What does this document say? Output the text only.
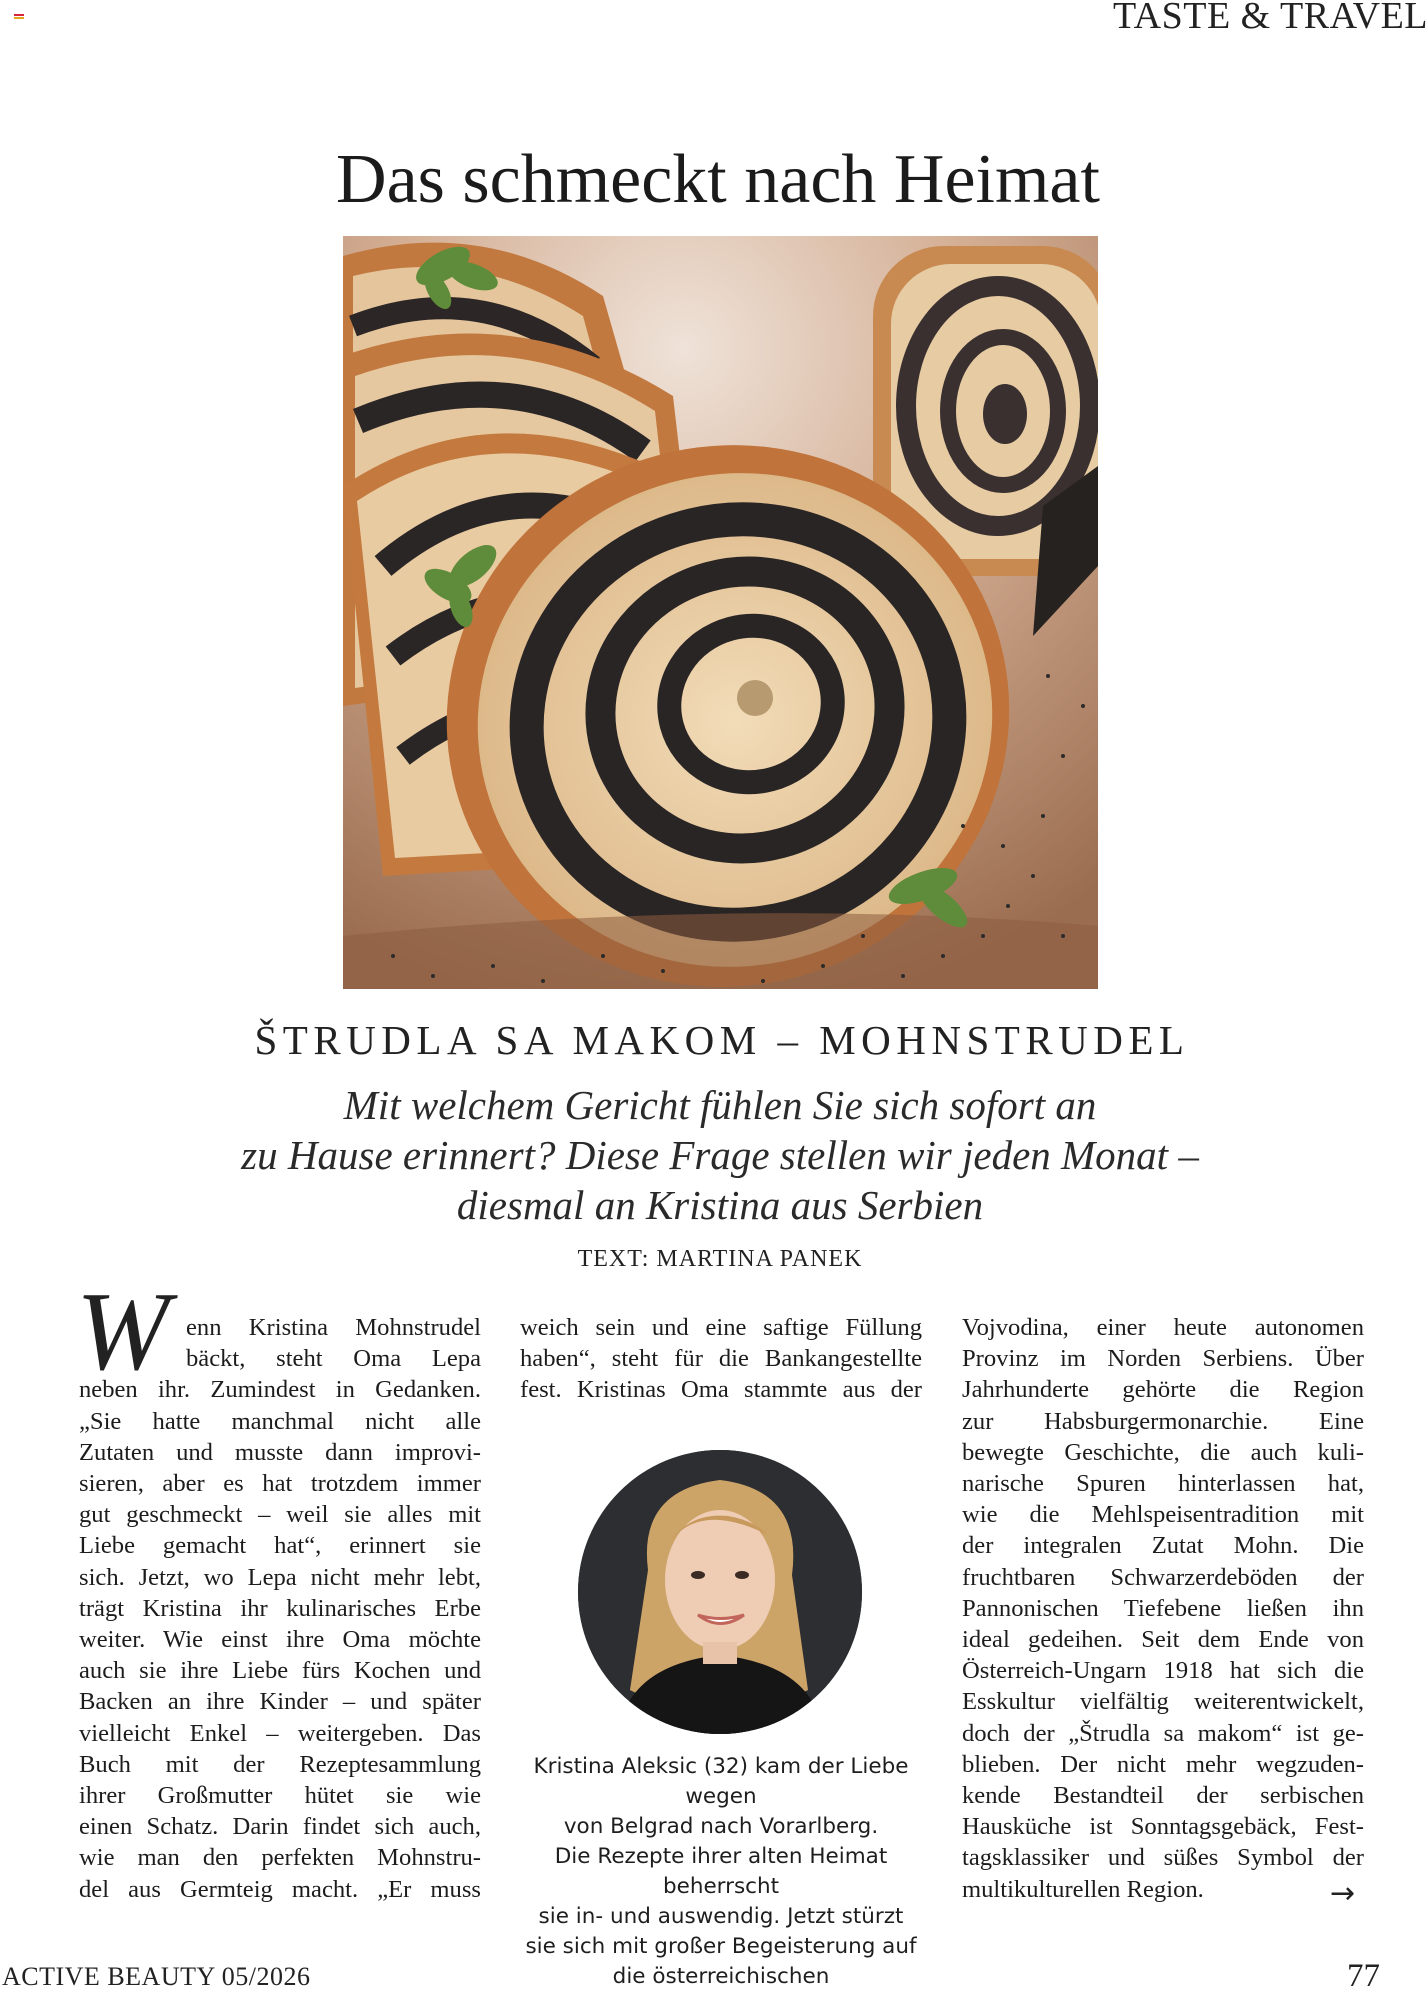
TASTE & TRAVEL
Das schmeckt nach Heimat
ŠTRUDLA SA MAKOM – MOHNSTRUDEL
Mit welchem Gericht fühlen Sie sich sofort an
zu Hause erinnert? Diese Frage stellen wir jeden Monat –
diesmal an Kristina aus Serbien
TEXT: MARTINA PANEK
W enn Kristina Mohnstrudel
bäckt, steht Oma Lepa
neben ihr. Zumindest in Gedanken.
„Sie hatte manchmal nicht alle
Zutaten und musste dann improvi-
sieren, aber es hat trotzdem immer
gut geschmeckt – weil sie alles mit
Liebe gemacht hat“, erinnert sie
sich. Jetzt, wo Lepa nicht mehr lebt,
trägt Kristina ihr kulinarisches Erbe
weiter. Wie einst ihre Oma möchte
auch sie ihre Liebe fürs Kochen und
Backen an ihre Kinder – und später
vielleicht Enkel – weitergeben. Das
Buch mit der Rezeptesammlung
ihrer Großmutter hütet sie wie
einen Schatz. Darin findet sich auch,
wie man den perfekten Mohnstru-
del aus Germteig macht. „Er muss
weich sein und eine saftige Füllung
haben“, steht für die Bankangestellte
fest. Kristinas Oma stammte aus der
Kristina Aleksic (32) kam der Liebe wegen
von Belgrad nach Vorarlberg.
Die Rezepte ihrer alten Heimat beherrscht
sie in- und auswendig. Jetzt stürzt
sie sich mit großer Begeisterung auf
die österreichischen
Vojvodina, einer heute autonomen
Provinz im Norden Serbiens. Über
Jahrhunderte gehörte die Region
zur Habsburgermonarchie. Eine
bewegte Geschichte, die auch kuli-
narische Spuren hinterlassen hat,
wie die Mehlspeisentradition mit
der integralen Zutat Mohn. Die
fruchtbaren Schwarzerdeböden der
Pannonischen Tiefebene ließen ihn
ideal gedeihen. Seit dem Ende von
Österreich-Ungarn 1918 hat sich die
Esskultur vielfältig weiterentwickelt,
doch der „Štrudla sa makom“ ist ge-
blieben. Der nicht mehr wegzuden-
kende Bestandteil der serbischen
Hausküche ist Sonntagsgebäck, Fest-
tagsklassiker und süßes Symbol der
multikulturellen Region.	→
ACTIVE BEAUTY 05/2026	77
